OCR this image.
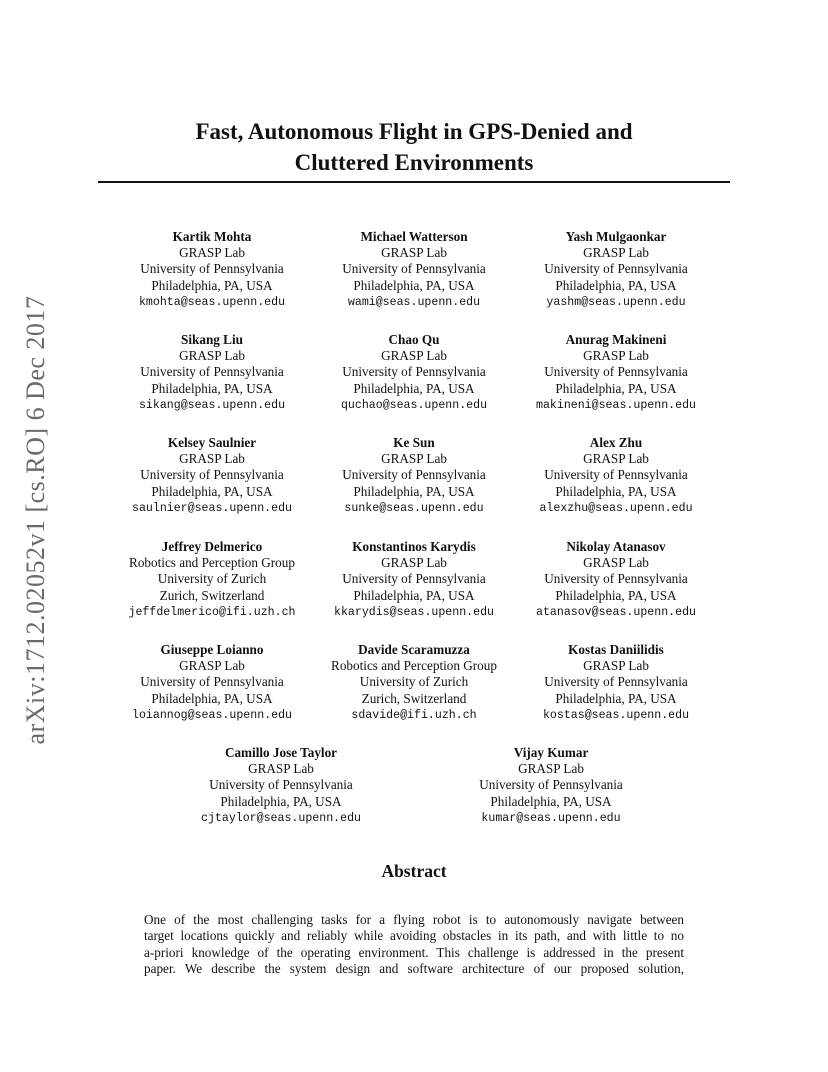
arXiv:1712.02052v1 [cs.RO] 6 Dec 2017
Fast, Autonomous Flight in GPS-Denied and
Cluttered Environments
Kartik Mohta
GRASP Lab
University of Pennsylvania
Philadelphia, PA, USA
kmohta@seas.upenn.edu
Michael Watterson
GRASP Lab
University of Pennsylvania
Philadelphia, PA, USA
wami@seas.upenn.edu
Yash Mulgaonkar
GRASP Lab
University of Pennsylvania
Philadelphia, PA, USA
yashm@seas.upenn.edu
Sikang Liu
GRASP Lab
University of Pennsylvania
Philadelphia, PA, USA
sikang@seas.upenn.edu
Chao Qu
GRASP Lab
University of Pennsylvania
Philadelphia, PA, USA
quchao@seas.upenn.edu
Anurag Makineni
GRASP Lab
University of Pennsylvania
Philadelphia, PA, USA
makineni@seas.upenn.edu
Kelsey Saulnier
GRASP Lab
University of Pennsylvania
Philadelphia, PA, USA
saulnier@seas.upenn.edu
Ke Sun
GRASP Lab
University of Pennsylvania
Philadelphia, PA, USA
sunke@seas.upenn.edu
Alex Zhu
GRASP Lab
University of Pennsylvania
Philadelphia, PA, USA
alexzhu@seas.upenn.edu
Jeffrey Delmerico
Robotics and Perception Group
University of Zurich
Zurich, Switzerland
jeffdelmerico@ifi.uzh.ch
Konstantinos Karydis
GRASP Lab
University of Pennsylvania
Philadelphia, PA, USA
kkarydis@seas.upenn.edu
Nikolay Atanasov
GRASP Lab
University of Pennsylvania
Philadelphia, PA, USA
atanasov@seas.upenn.edu
Giuseppe Loianno
GRASP Lab
University of Pennsylvania
Philadelphia, PA, USA
loiannog@seas.upenn.edu
Davide Scaramuzza
Robotics and Perception Group
University of Zurich
Zurich, Switzerland
sdavide@ifi.uzh.ch
Kostas Daniilidis
GRASP Lab
University of Pennsylvania
Philadelphia, PA, USA
kostas@seas.upenn.edu
Camillo Jose Taylor
GRASP Lab
University of Pennsylvania
Philadelphia, PA, USA
cjtaylor@seas.upenn.edu
Vijay Kumar
GRASP Lab
University of Pennsylvania
Philadelphia, PA, USA
kumar@seas.upenn.edu
Abstract
One of the most challenging tasks for a flying robot is to autonomously navigate between
target locations quickly and reliably while avoiding obstacles in its path, and with little to no
a-priori knowledge of the operating environment. This challenge is addressed in the present
paper. We describe the system design and software architecture of our proposed solution,
